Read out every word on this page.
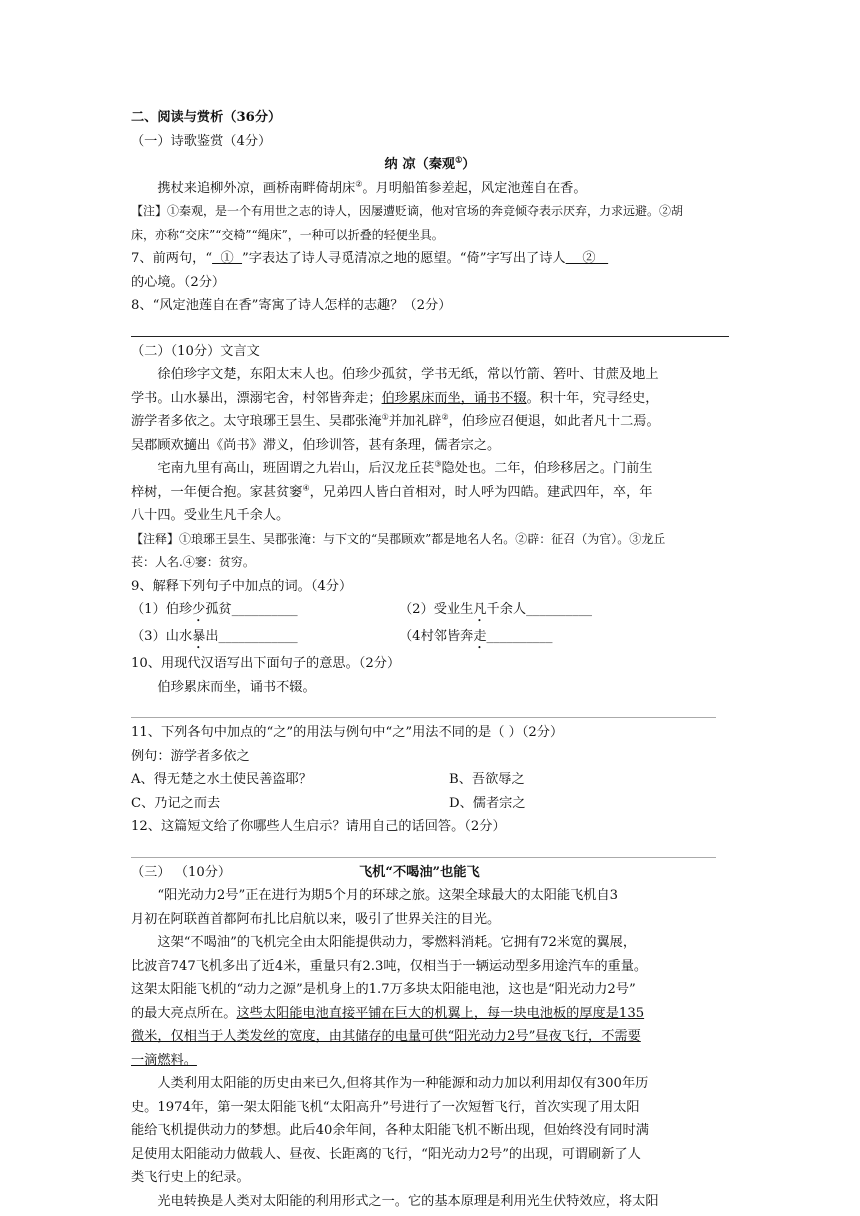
二、阅读与赏析（36分）
（一）诗歌鉴赏（4分）
纳 凉（秦观①）
携杖来追柳外凉，画桥南畔倚胡床②。月明船笛参差起，风定池莲自在香。
【注】①秦观，是一个有用世之志的诗人，因屡遭贬谪，他对官场的奔竞倾夺表示厌弃，力求远避。②胡
床，亦称“交床”“交椅”“绳床”，一种可以折叠的轻便坐具。
7、前两句，“  ①  ”字表达了诗人寻觅清凉之地的愿望。“倚”字写出了诗人    ②
的心境。（2分）
8、“风定池莲自在香”寄寓了诗人怎样的志趣？（2分）
（二）（10分）文言文
徐伯珍字文楚，东阳太末人也。伯珍少孤贫，学书无纸，常以竹箭、箬叶、甘蔗及地上
学书。山水暴出，漂溺宅舍，村邻皆奔走；伯珍累床而坐，诵书不辍。积十年，究寻经史，
游学者多依之。太守琅琊王昙生、吴郡张淹①并加礼辟②，伯珍应召便退，如此者凡十二焉。
吴郡顾欢擿出《尚书》滞义，伯珍训答，甚有条理，儒者宗之。
宅南九里有高山，班固谓之九岩山，后汉龙丘苌③隐处也。二年，伯珍移居之。门前生
梓树，一年便合抱。家甚贫窭④，兄弟四人皆白首相对，时人呼为四皓。建武四年，卒，年
八十四。受业生凡千余人。
【注释】①琅琊王昙生、吴郡张淹：与下文的“吴郡顾欢”都是地名人名。②辟：征召（为官）。③龙丘
苌：人名.④窭：贫穷。
9、解释下列句子中加点的词。（4分）
（1）伯珍少孤贫__________	（2）受业生凡千余人__________
（3）山水暴出____________	（4村邻皆奔走__________
10、用现代汉语写出下面句子的意思。（2分）
伯珍累床而坐，诵书不辍。
11、下列各句中加点的“之”的用法与例句中“之”用法不同的是（ ）（2分）
例句：游学者多依之
A、得无楚之水土使民善盗耶？	B、吾欲辱之
C、乃记之而去	D、儒者宗之
12、这篇短文给了你哪些人生启示？请用自己的话回答。（2分）
（三） （10分）	飞机“不喝油”也能飞
“阳光动力2号”正在进行为期5个月的环球之旅。这架全球最大的太阳能飞机自3
月初在阿联酋首都阿布扎比启航以来，吸引了世界关注的目光。
这架“不喝油”的飞机完全由太阳能提供动力，零燃料消耗。它拥有72米宽的翼展，
比波音747飞机多出了近4米，重量只有2.3吨，仅相当于一辆运动型多用途汽车的重量。
这架太阳能飞机的“动力之源”是机身上的1.7万多块太阳能电池，这也是“阳光动力2号”
的最大亮点所在。这些太阳能电池直接平铺在巨大的机翼上，每一块电池板的厚度是135
微米，仅相当于人类发丝的宽度，由其储存的电量可供“阳光动力2号”昼夜飞行，不需要
一滴燃料。
人类利用太阳能的历史由来已久,但将其作为一种能源和动力加以利用却仅有300年历
史。1974年，第一架太阳能飞机“太阳高升”号进行了一次短暂飞行，首次实现了用太阳
能给飞机提供动力的梦想。此后40余年间，各种太阳能飞机不断出现，但始终没有同时满
足使用太阳能动力做载人、昼夜、长距离的飞行，“阳光动力2号”的出现，可谓刷新了人
类飞行史上的纪录。
光电转换是人类对太阳能的利用形式之一。它的基本原理是利用光生伏特效应，将太阳
